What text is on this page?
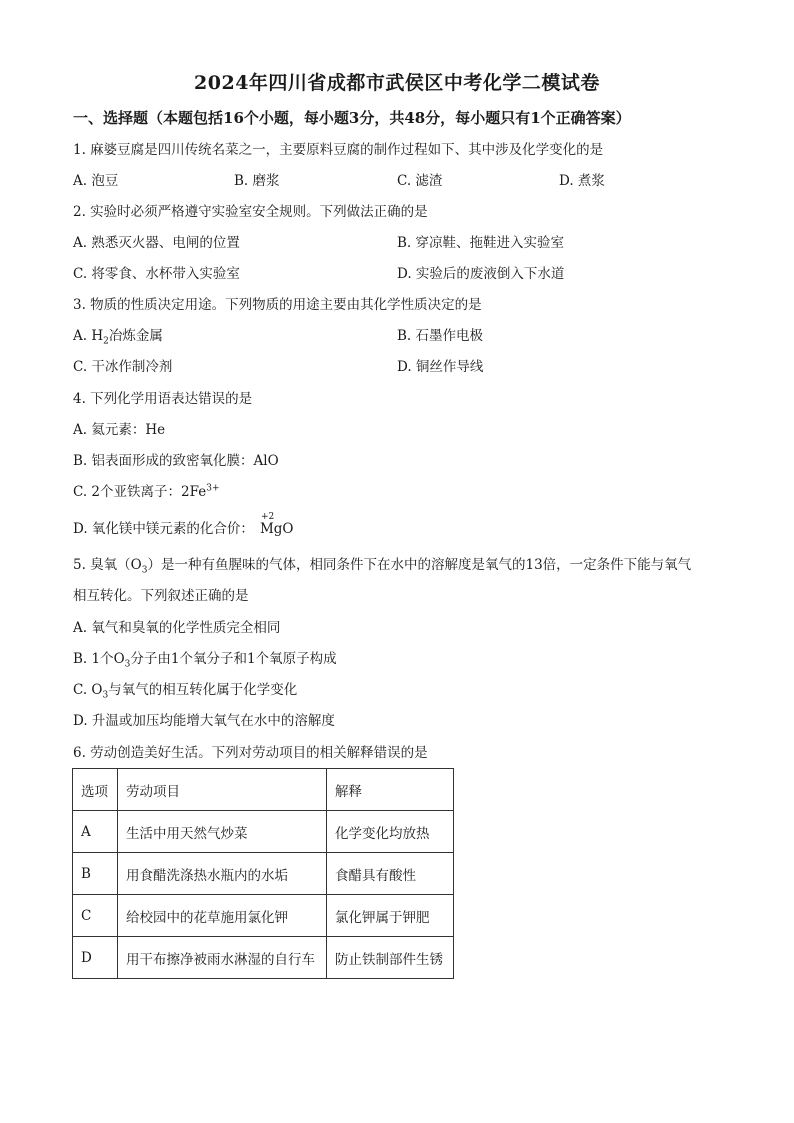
2024年四川省成都市武侯区中考化学二模试卷
一、选择题（本题包括16个小题，每小题3分，共48分，每小题只有1个正确答案）
1. 麻婆豆腐是四川传统名菜之一，主要原料豆腐的制作过程如下、其中涉及化学变化的是
A. 泡豆	B. 磨浆	C. 滤渣	D. 煮浆
2. 实验时必须严格遵守实验室安全规则。下列做法正确的是
A. 熟悉灭火器、电闸的位置	B. 穿凉鞋、拖鞋进入实验室
C. 将零食、水杯带入实验室	D. 实验后的废液倒入下水道
3. 物质的性质决定用途。下列物质的用途主要由其化学性质决定的是
A. $H_2$冶炼金属	B. 石墨作电极
C. 干冰作制冷剂	D. 铜丝作导线
4. 下列化学用语表达错误的是
A. 氦元素：He
B. 铝表面形成的致密氧化膜：AlO
C. 2个亚铁离子：$2Fe^{3+}$
D. 氧化镁中镁元素的化合价：
+2
MgO
5. 臭氧$(O_3)$是一种有鱼腥味的气体，相同条件下在水中的溶解度是氧气的13倍，一定条件下能与氧气
相互转化。下列叙述正确的是
A. 氧气和臭氧的化学性质完全相同
B. 1个$O_3$分子由1个氧分子和1个氧原子构成
C. $O_3$与氧气的相互转化属于化学变化
D. 升温或加压均能增大氧气在水中的溶解度
6. 劳动创造美好生活。下列对劳动项目的相关解释错误的是
选项	劳动项目	解释
A	生活中用天然气炒菜	化学变化均放热
B	用食醋洗涤热水瓶内的水垢	食醋具有酸性
C	给校园中的花草施用氯化钾	氯化钾属于钾肥
D	用干布擦净被雨水淋湿的自行车	防止铁制部件生锈
